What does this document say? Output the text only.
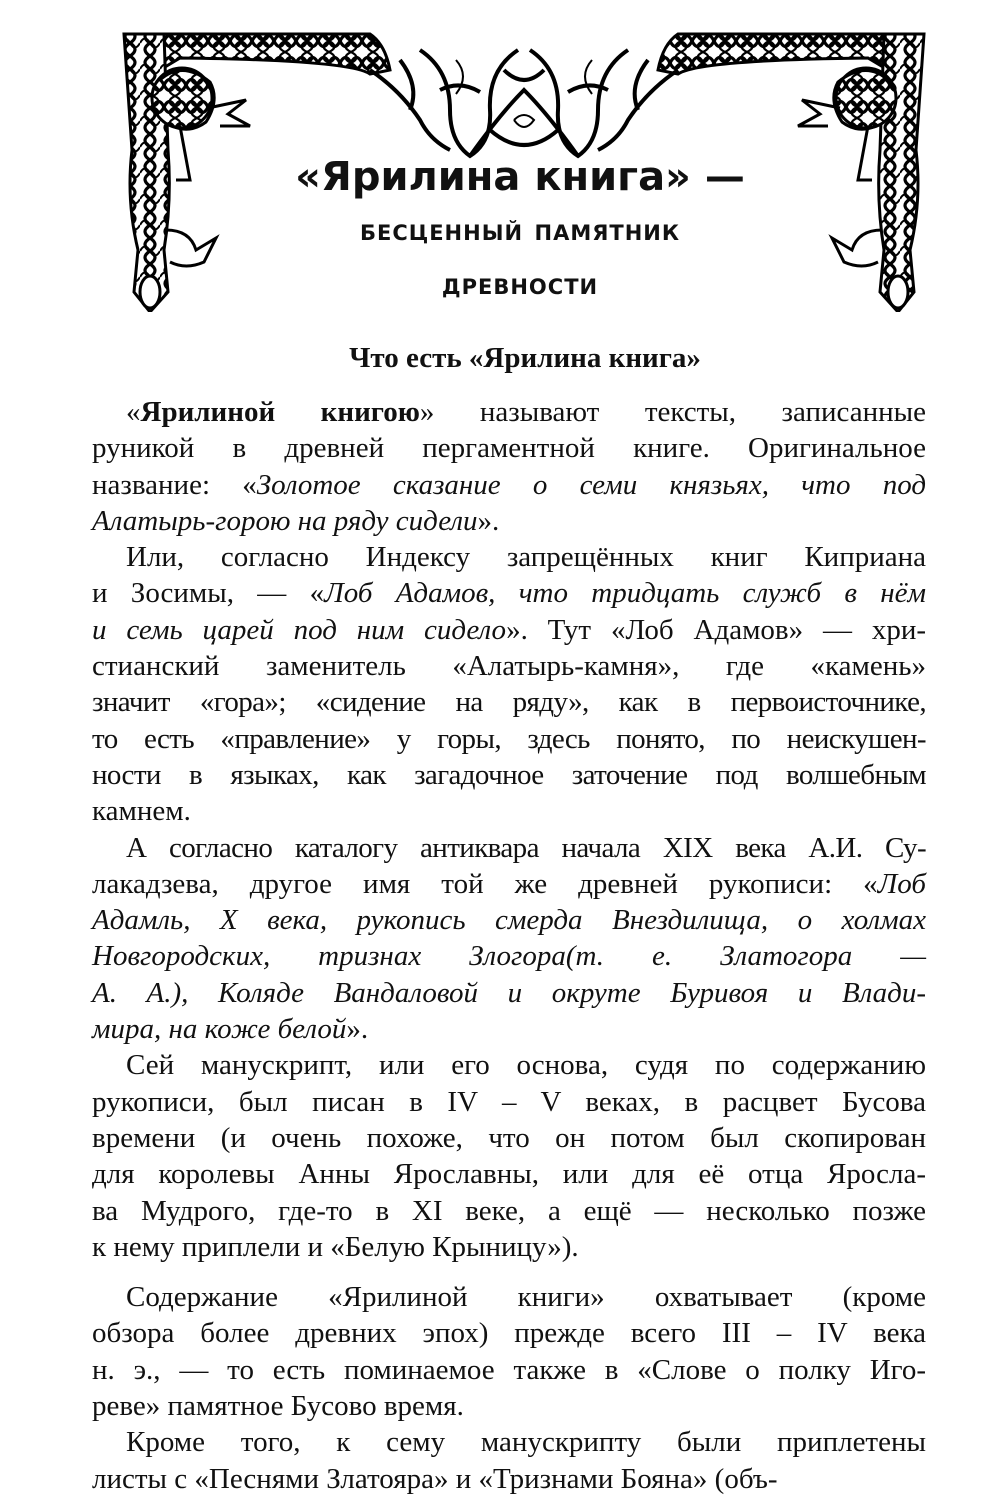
«Ярилина книга» —
бесценный памятник
древности
Что есть «Ярилина книга»
«Ярилиной книгою» называют тексты, записанные
руникой в древней пергаментной книге. Оригинальное
название: «Золотое сказание о семи князьях, что под
Алатырь-горою на ряду сидели».
Или, согласно Индексу запрещённых книг Киприана
и Зосимы, — «Лоб Адамов, что тридцать служб в нём
и семь царей под ним сидело». Тут «Лоб Адамов» — хри-
стианский заменитель «Алатырь-камня», где «камень»
значит «гора»; «сидение на ряду», как в первоисточнике,
то есть «правление» у горы, здесь понято, по неискушен-
ности в языках, как загадочное заточение под волшебным
камнем.
А согласно каталогу антиквара начала XIX века А.И. Су-
лакадзева, другое имя той же древней рукописи: «Лоб
Адамль, X века, рукопись смерда Внездилища, о холмах
Новгородских, тризнах Злогора(т. е. Златогора —
А. А.), Коляде Вандаловой и окруте Буривоя и Влади-
мира, на коже белой».
Сей манускрипт, или его основа, судя по содержанию
рукописи, был писан в IV – V веках, в расцвет Бусова
времени (и очень похоже, что он потом был скопирован
для королевы Анны Ярославны, или для её отца Яросла-
ва Мудрого, где-то в XI веке, а ещё — несколько позже
к нему приплели и «Белую Крыницу»).
Содержание «Ярилиной книги» охватывает (кроме
обзора более древних эпох) прежде всего III – IV века
н. э., — то есть поминаемое также в «Слове о полку Иго-
реве» памятное Бусово время.
Кроме того, к сему манускрипту были приплетены
листы с «Песнями Златояра» и «Тризнами Бояна» (объ-
